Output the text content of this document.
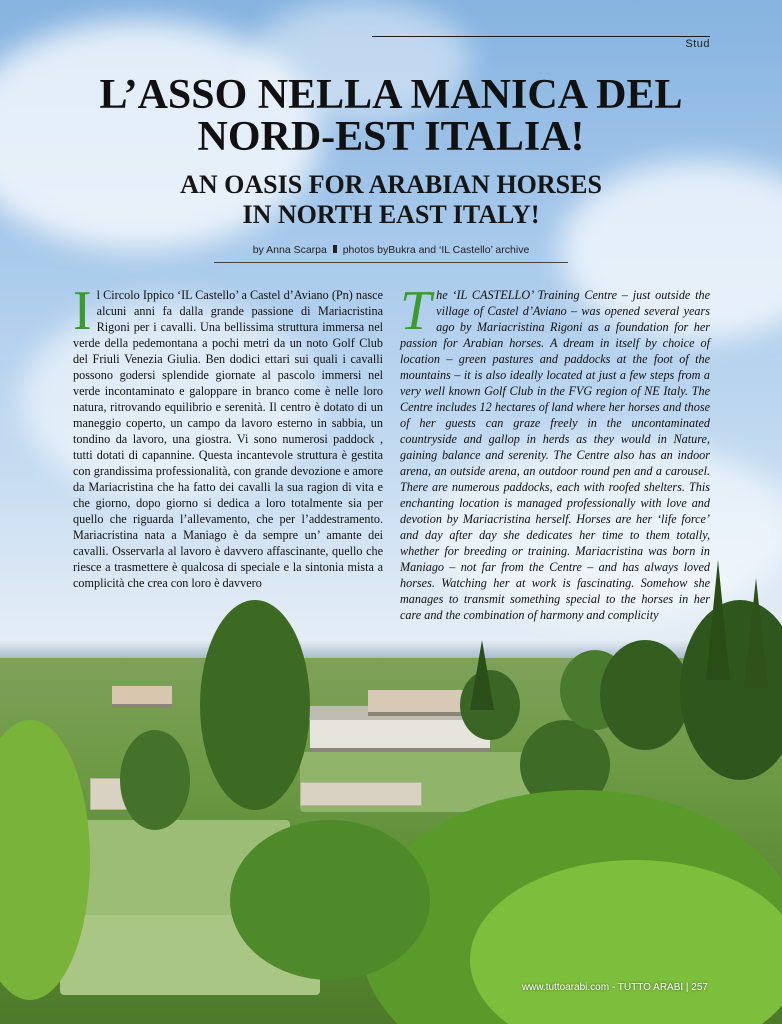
Stud
L’ASSO NELLA MANICA DEL
NORD-EST ITALIA!
AN OASIS FOR ARABIAN HORSES
IN NORTH EAST ITALY!
by Anna Scarpa photos byBukra and ‘IL Castello’ archive

Il Circolo Ippico ‘IL Castello’ a Castel d’Aviano (Pn) nasce alcuni anni fa dalla grande passione di Mariacristina Rigoni per i cavalli. Una bellissima struttura immersa nel verde della pedemontana a pochi metri da un noto Golf Club del Friuli Venezia Giulia. Ben dodici ettari sui quali i cavalli possono godersi splendide giornate al pascolo immersi nel verde incontaminato e galoppare in branco come è nelle loro natura, ritrovando equilibrio e serenità. Il centro è dotato di un maneggio coperto, un campo da lavoro esterno in sabbia, un tondino da lavoro, una giostra. Vi sono numerosi paddock , tutti dotati di capannine. Questa incantevole struttura è gestita con grandissima professionalità, con grande devozione e amore da Mariacristina che ha fatto dei cavalli la sua ragion di vita e che giorno, dopo giorno si dedica a loro totalmente sia per quello che riguarda l’allevamento, che per l’addestramento. Mariacristina nata a Maniago è da sempre un’ amante dei cavalli. Osservarla al lavoro è davvero affascinante, quello che riesce a trasmettere è qualcosa di speciale e la sintonia mista a complicità che crea con loro è davvero

The ‘IL CASTELLO’ Training Centre – just outside the village of Castel d’Aviano – was opened several years ago by Mariacristina Rigoni as a foundation for her passion for Arabian horses. A dream in itself by choice of location – green pastures and paddocks at the foot of the mountains – it is also ideally located at just a few steps from a very well known Golf Club in the FVG region of NE Italy. The Centre includes 12 hectares of land where her horses and those of her guests can graze freely in the uncontaminated countryside and gallop in herds as they would in Nature, gaining balance and serenity. The Centre also has an indoor arena, an outside arena, an outdoor round pen and a carousel. There are numerous paddocks, each with roofed shelters. This enchanting location is managed professionally with love and devotion by Mariacristina herself. Horses are her ‘life force’ and day after day she dedicates her time to them totally, whether for breeding or training. Mariacristina was born in Maniago – not far from the Centre – and has always loved horses. Watching her at work is fascinating. Somehow she manages to transmit something special to the horses in her care and the combination of harmony and complicity

www.tuttoarabi.com - TUTTO ARABI | 257
